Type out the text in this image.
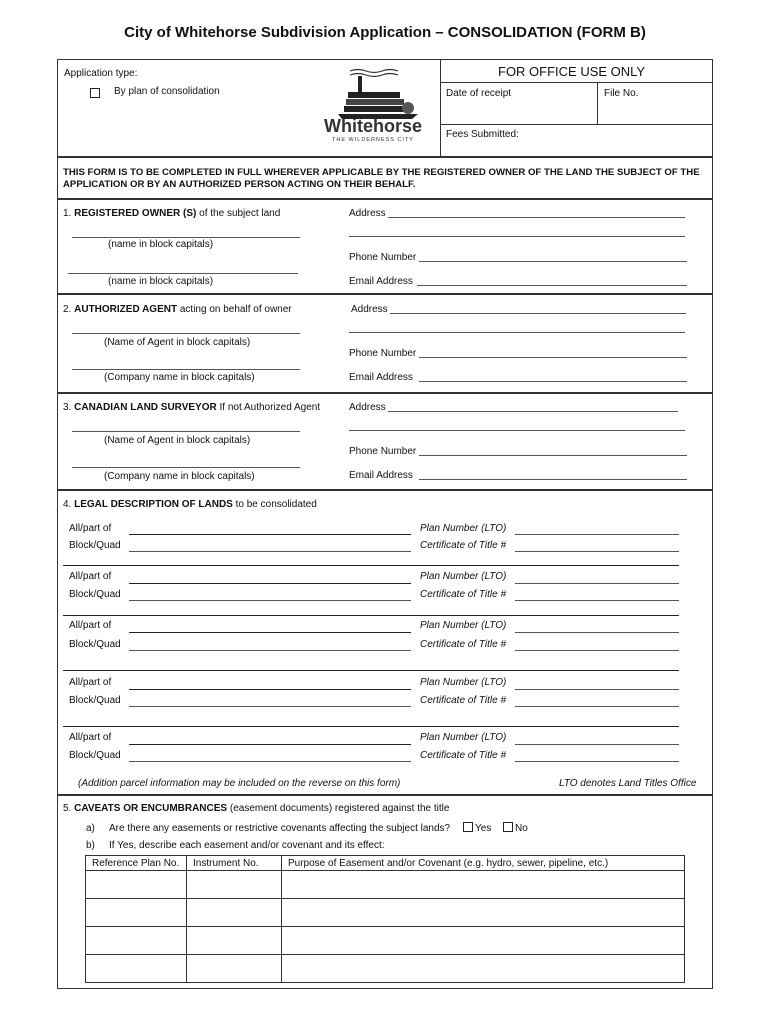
City of Whitehorse Subdivision Application – CONSOLIDATION (FORM B)
Application type:
By plan of consolidation
Whitehorse
THE WILDERNESS CITY
FOR OFFICE USE ONLY
Date of receipt	File No.
Fees Submitted:
THIS FORM IS TO BE COMPLETED IN FULL WHEREVER APPLICABLE BY THE REGISTERED OWNER OF THE LAND THE SUBJECT OF THE APPLICATION OR BY AN AUTHORIZED PERSON ACTING ON THEIR BEHALF.
1. REGISTERED OWNER (S) of the subject land
(name in block capitals)
(name in block capitals)
Address
Phone Number
Email Address
2. AUTHORIZED AGENT acting on behalf of owner
(Name of Agent in block capitals)
(Company name in block capitals)
Address
Phone Number
Email Address
3. CANADIAN LAND SURVEYOR If not Authorized Agent
(Name of Agent in block capitals)
(Company name in block capitals)
Address
Phone Number
Email Address
4. LEGAL DESCRIPTION OF LANDS to be consolidated
All/part of	Plan Number (LTO)
Block/Quad	Certificate of Title #
All/part of	Plan Number (LTO)
Block/Quad	Certificate of Title #
All/part of	Plan Number (LTO)
Block/Quad	Certificate of Title #
All/part of	Plan Number (LTO)
Block/Quad	Certificate of Title #
All/part of	Plan Number (LTO)
Block/Quad	Certificate of Title #
(Addition parcel information may be included on the reverse on this form)	LTO denotes Land Titles Office
5. CAVEATS OR ENCUMBRANCES (easement documents) registered against the title
a) Are there any easements or restrictive covenants affecting the subject lands? Yes No
b) If Yes, describe each easement and/or covenant and its effect:
Reference Plan No.	Instrument No.	Purpose of Easement and/or Covenant (e.g. hydro, sewer, pipeline, etc.)
